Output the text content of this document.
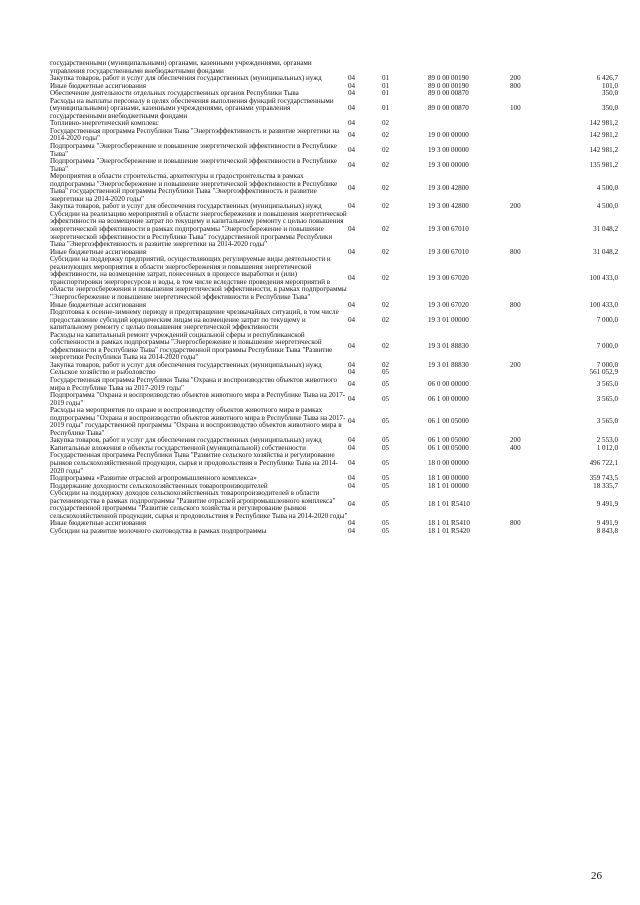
государственными (муниципальными) органами, казенными учреждениями, органами управления государственными внебюджетными фондами					
Закупка товаров, работ и услуг для обеспечения государственных (муниципальных) нужд	04	01	89 0 00 00190	200	6 426,7
Иные бюджетные ассигнования	04	01	89 0 00 00190	800	101,0
Обеспечение деятельности отдельных государственных органов Республики Тыва	04	01	89 0 00 00870		350,0
Расходы на выплаты персоналу в целях обеспечения выполнения функций государственными (муниципальными) органами, казенными учреждениями, органами управления государственными внебюджетными фондами	04	01	89 0 00 00870	100	350,0
Топливно-энергетический комплекс	04	02			142 981,2
Государственная программа Республики Тыва "Энергоэффективность и развитие энергетики на 2014-2020 годы"	04	02	19 0 00 00000		142 981,2
Подпрограмма "Энергосбережение и повышение энергетической эффективности в Республике Тыва"	04	02	19 3 00 00000		142 981,2
Подпрограмма "Энергосбережение и повышение энергетической эффективности в Республике Тыва"	04	02	19 3 00 00000		135 981,2
Мероприятия в области строительства, архитектуры и градостроительства в рамках подпрограммы "Энергосбережение и повышение энергетической эффективности в Республике Тыва" государственной программы Республики Тыва "Энергоэффективность и развитие энергетики на 2014-2020 годы"	04	02	19 3 00 42800		4 500,0
Закупка товаров, работ и услуг для обеспечения государственных (муниципальных) нужд	04	02	19 3 00 42800	200	4 500,0
Субсидии на реализацию мероприятий в области энергосбережения и повышения энергетической эффективности на возмещение затрат по текущему и капитальному ремонту с целью повышения энергетической эффективности в рамках подпрограммы "Энергосбережение и повышение энергетической эффективности в Республике Тыва" государственной программы Республики Тыва "Энергоэффективность и развитие энергетики на 2014-2020 годы"	04	02	19 3 00 67010		31 048,2
Иные бюджетные ассигнования	04	02	19 3 00 67010	800	31 048,2
Субсидии на поддержку предприятий, осуществляющих регулируемые виды деятельности и реализующих мероприятия в области энергосбережения и повышения энергетической эффективности, на возмещение затрат, понесенных в процессе выработки и (или) транспортировки энергоресурсов и воды, в том числе вследствие проведения мероприятий в области энергосбережения и повышения энергетической эффективности, в рамках подпрограммы "Энергосбережение и повышение энергетической эффективности в Республике Тыва"	04	02	19 3 00 67020		100 433,0
Иные бюджетные ассигнования	04	02	19 3 00 67020	800	100 433,0
Подготовка к осенне-зимнему периоду и предотвращение чрезвычайных ситуаций, в том числе предоставление субсидий юридическим лицам на возмещение затрат по текущему и капитальному ремонту с целью повышения энергетической эффективности	04	02	19 3 01 00000		7 000,0
Расходы на капитальный ремонт учреждений социальной сферы и республиканской собственности в рамках подпрограммы "Энергосбережение и повышение энергетической эффективности в Республике Тыва" государственной программы Республики Тыва "Развитие энергетики Республики Тыва на 2014-2020 годы"	04	02	19 3 01 88830		7 000,0
Закупка товаров, работ и услуг для обеспечения государственных (муниципальных) нужд	04	02	19 3 01 88830	200	7 000,0
Сельское хозяйство и рыболовство	04	05			561 052,9
Государственная программа Республики Тыва "Охрана и воспроизводство объектов животного мира в Республике Тыва на 2017-2019 годы"	04	05	06 0 00 00000		3 565,0
Подпрограмма "Охрана и воспроизводство объектов животного мира в Республике Тыва на 2017-2019 годы"	04	05	06 1 00 00000		3 565,0
Расходы на мероприятия по охране и воспроизводству объектов животного мира в рамках подпрограммы "Охрана и воспроизводство объектов животного мира в Республике Тыва на 2017-2019 годы" государственной программы "Охрана и воспроизводство объектов животного мира в Республике Тыва"	04	05	06 1 00 05000		3 565,0
Закупка товаров, работ и услуг для обеспечения государственных (муниципальных) нужд	04	05	06 1 00 05000	200	2 553,0
Капитальные вложения в объекты государственной (муниципальной) собственности	04	05	06 1 00 05000	400	1 012,0
Государственная программа Республики Тыва "Развитие сельского хозяйства и регулирование рынков сельскохозяйственной продукции, сырья и продовольствия в Республике Тыва на 2014-2020 годы"	04	05	18 0 00 00000		496 722,1
Подпрограмма «Развитие отраслей агропромышленного комплекса»	04	05	18 1 00 00000		359 743,5
Поддержание доходности сельскохозяйственных товаропроизводителей	04	05	18 1 01 00000		18 335,7
Субсидии на поддержку доходов сельскохозяйственных товаропроизводителей в области растениеводства в рамках подпрограммы "Развитие отраслей агропромышленного комплекса" государственной программы "Развитие сельского хозяйства и регулирование рынков сельскохозяйственной продукции, сырья и продовольствия в Республике Тыва на 2014-2020 годы"	04	05	18 1 01 R5410		9 491,9
Иные бюджетные ассигнования	04	05	18 1 01 R5410	800	9 491,9
Субсидии на развитие молочного скотоводства в рамках подпрограммы	04	05	18 1 01 R5420		8 843,8
26
